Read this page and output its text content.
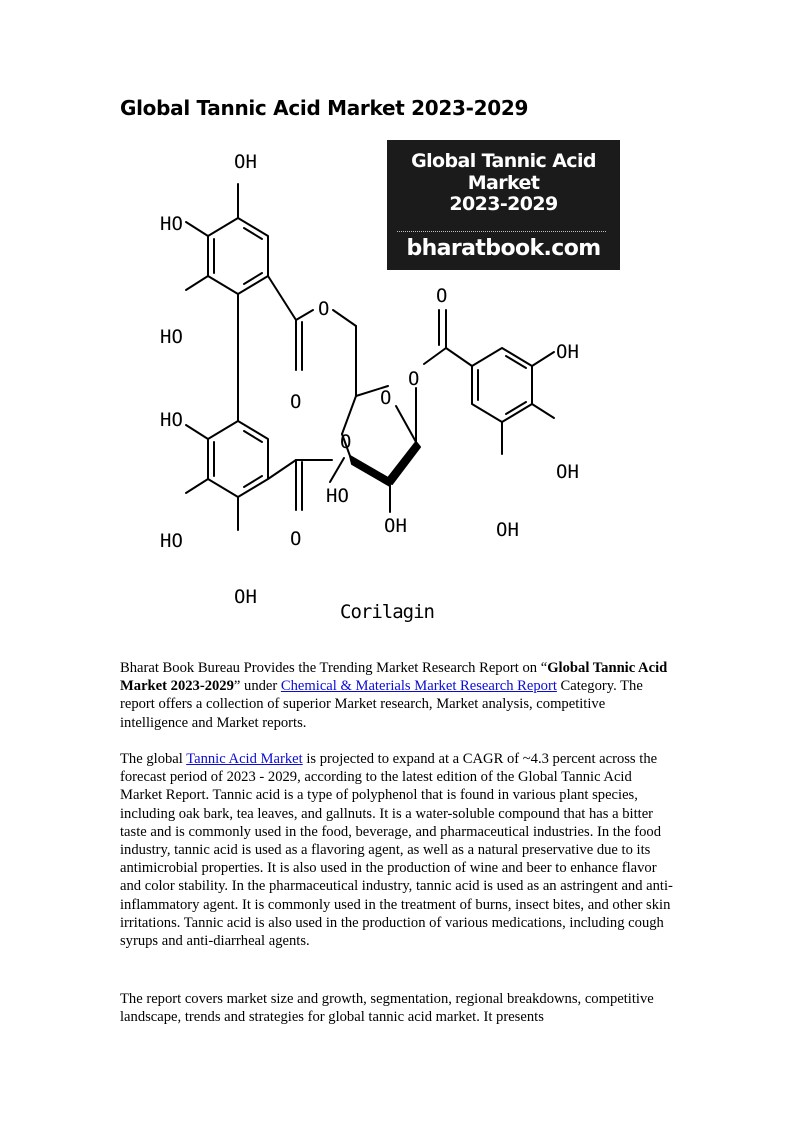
Global Tannic Acid Market 2023-2029
OH
HO
HO
HO
HO
OH
O
O
O
O
O
HO
OH
O
O
OH
OH
OH
Global Tannic Acid Market
2023-2029
bharatbook.com
Corilagin

Bharat Book Bureau Provides the Trending Market Research Report on “Global Tannic Acid Market 2023-2029” under Chemical & Materials Market Research Report Category. The report offers a collection of superior Market research, Market analysis, competitive intelligence and Market reports.

The global Tannic Acid Market is projected to expand at a CAGR of ~4.3 percent across the forecast period of 2023 - 2029, according to the latest edition of the Global Tannic Acid Market Report. Tannic acid is a type of polyphenol that is found in various plant species, including oak bark, tea leaves, and gallnuts. It is a water-soluble compound that has a bitter taste and is commonly used in the food, beverage, and pharmaceutical industries. In the food industry, tannic acid is used as a flavoring agent, as well as a natural preservative due to its antimicrobial properties. It is also used in the production of wine and beer to enhance flavor and color stability. In the pharmaceutical industry, tannic acid is used as an astringent and anti-inflammatory agent. It is commonly used in the treatment of burns, insect bites, and other skin irritations. Tannic acid is also used in the production of various medications, including cough syrups and anti-diarrheal agents.

The report covers market size and growth, segmentation, regional breakdowns, competitive landscape, trends and strategies for global tannic acid market. It presents
